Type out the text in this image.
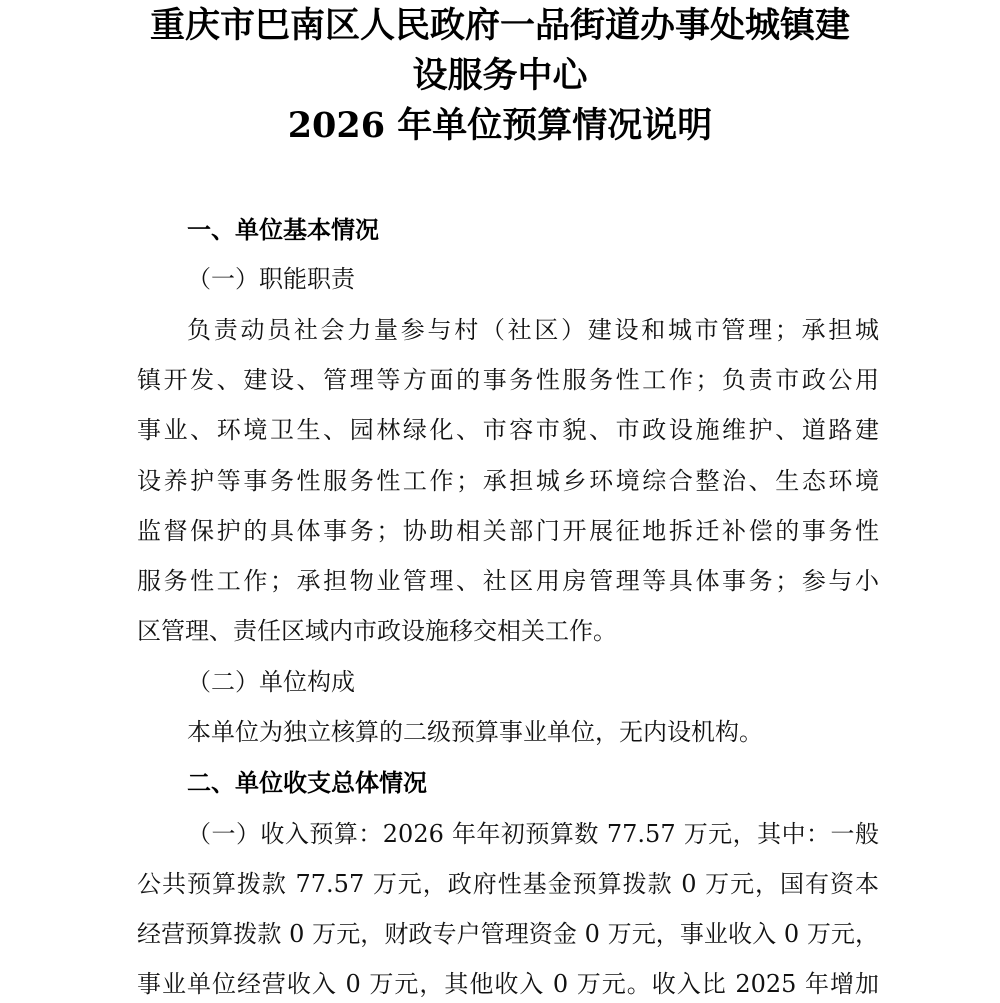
重庆市巴南区人民政府一品街道办事处城镇建
设服务中心
2026 年单位预算情况说明
一、单位基本情况
（一）职能职责
负责动员社会力量参与村（社区）建设和城市管理；承担城
镇开发、建设、管理等方面的事务性服务性工作；负责市政公用
事业、环境卫生、园林绿化、市容市貌、市政设施维护、道路建
设养护等事务性服务性工作；承担城乡环境综合整治、生态环境
监督保护的具体事务；协助相关部门开展征地拆迁补偿的事务性
服务性工作；承担物业管理、社区用房管理等具体事务；参与小
区管理、责任区域内市政设施移交相关工作。
（二）单位构成
本单位为独立核算的二级预算事业单位，无内设机构。
二、单位收支总体情况
（一）收入预算：2026 年年初预算数 77.57 万元，其中：一般
公共预算拨款 77.57 万元，政府性基金预算拨款 0 万元，国有资本
经营预算拨款 0 万元，财政专户管理资金 0 万元，事业收入 0 万元，
事业单位经营收入 0 万元，其他收入 0 万元。收入比 2025 年增加
